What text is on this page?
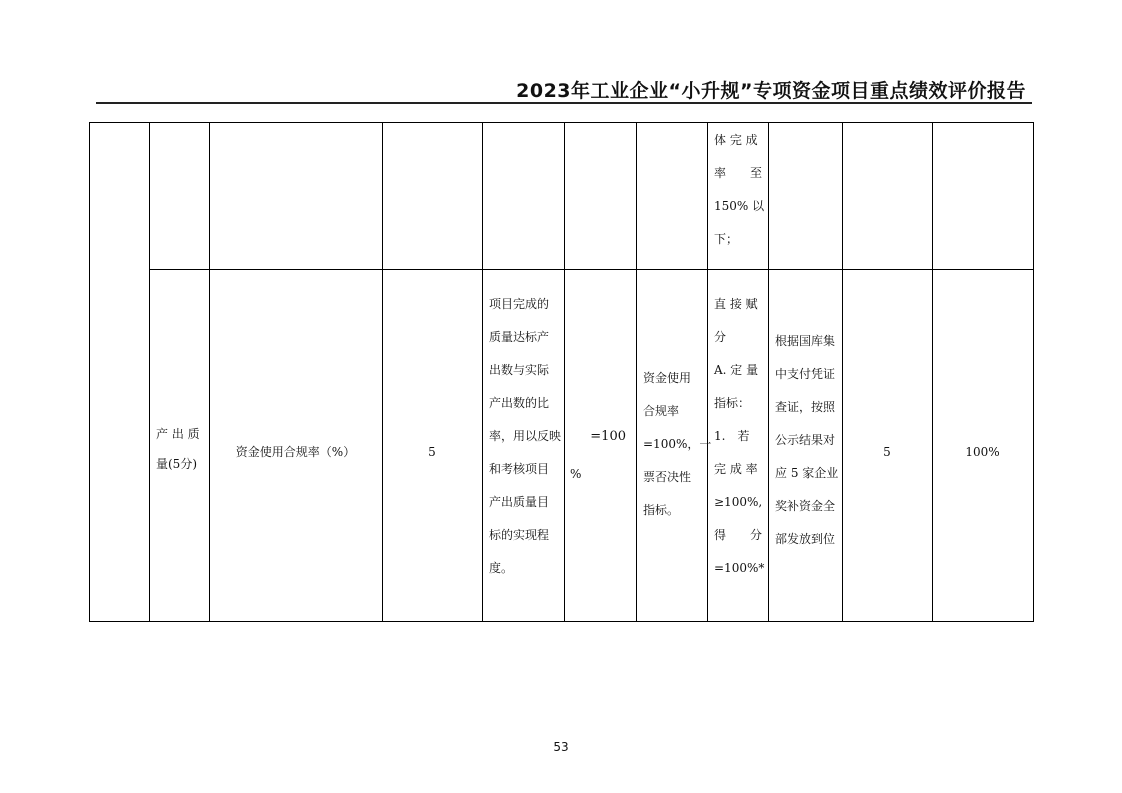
2023年工业企业“小升规”专项资金项目重点绩效评价报告
体 完 成
率　　至
150% 以
下；
产 出 质
量(5分)
资金使用合规率（%）	5
项目完成的
质量达标产
出数与实际
产出数的比
率，用以反映
和考核项目
产出质量目
标的实现程
度。
=100
%
资金使用
合规率
=100%，一
票否决性
指标。
直 接 赋
分
A. 定 量
指标：
1.　若
完 成 率
≥100%,
得　　分
=100%*
根据国库集
中支付凭证
查证，按照
公示结果对
应 5 家企业
奖补资金全
部发放到位
5	100%
53
